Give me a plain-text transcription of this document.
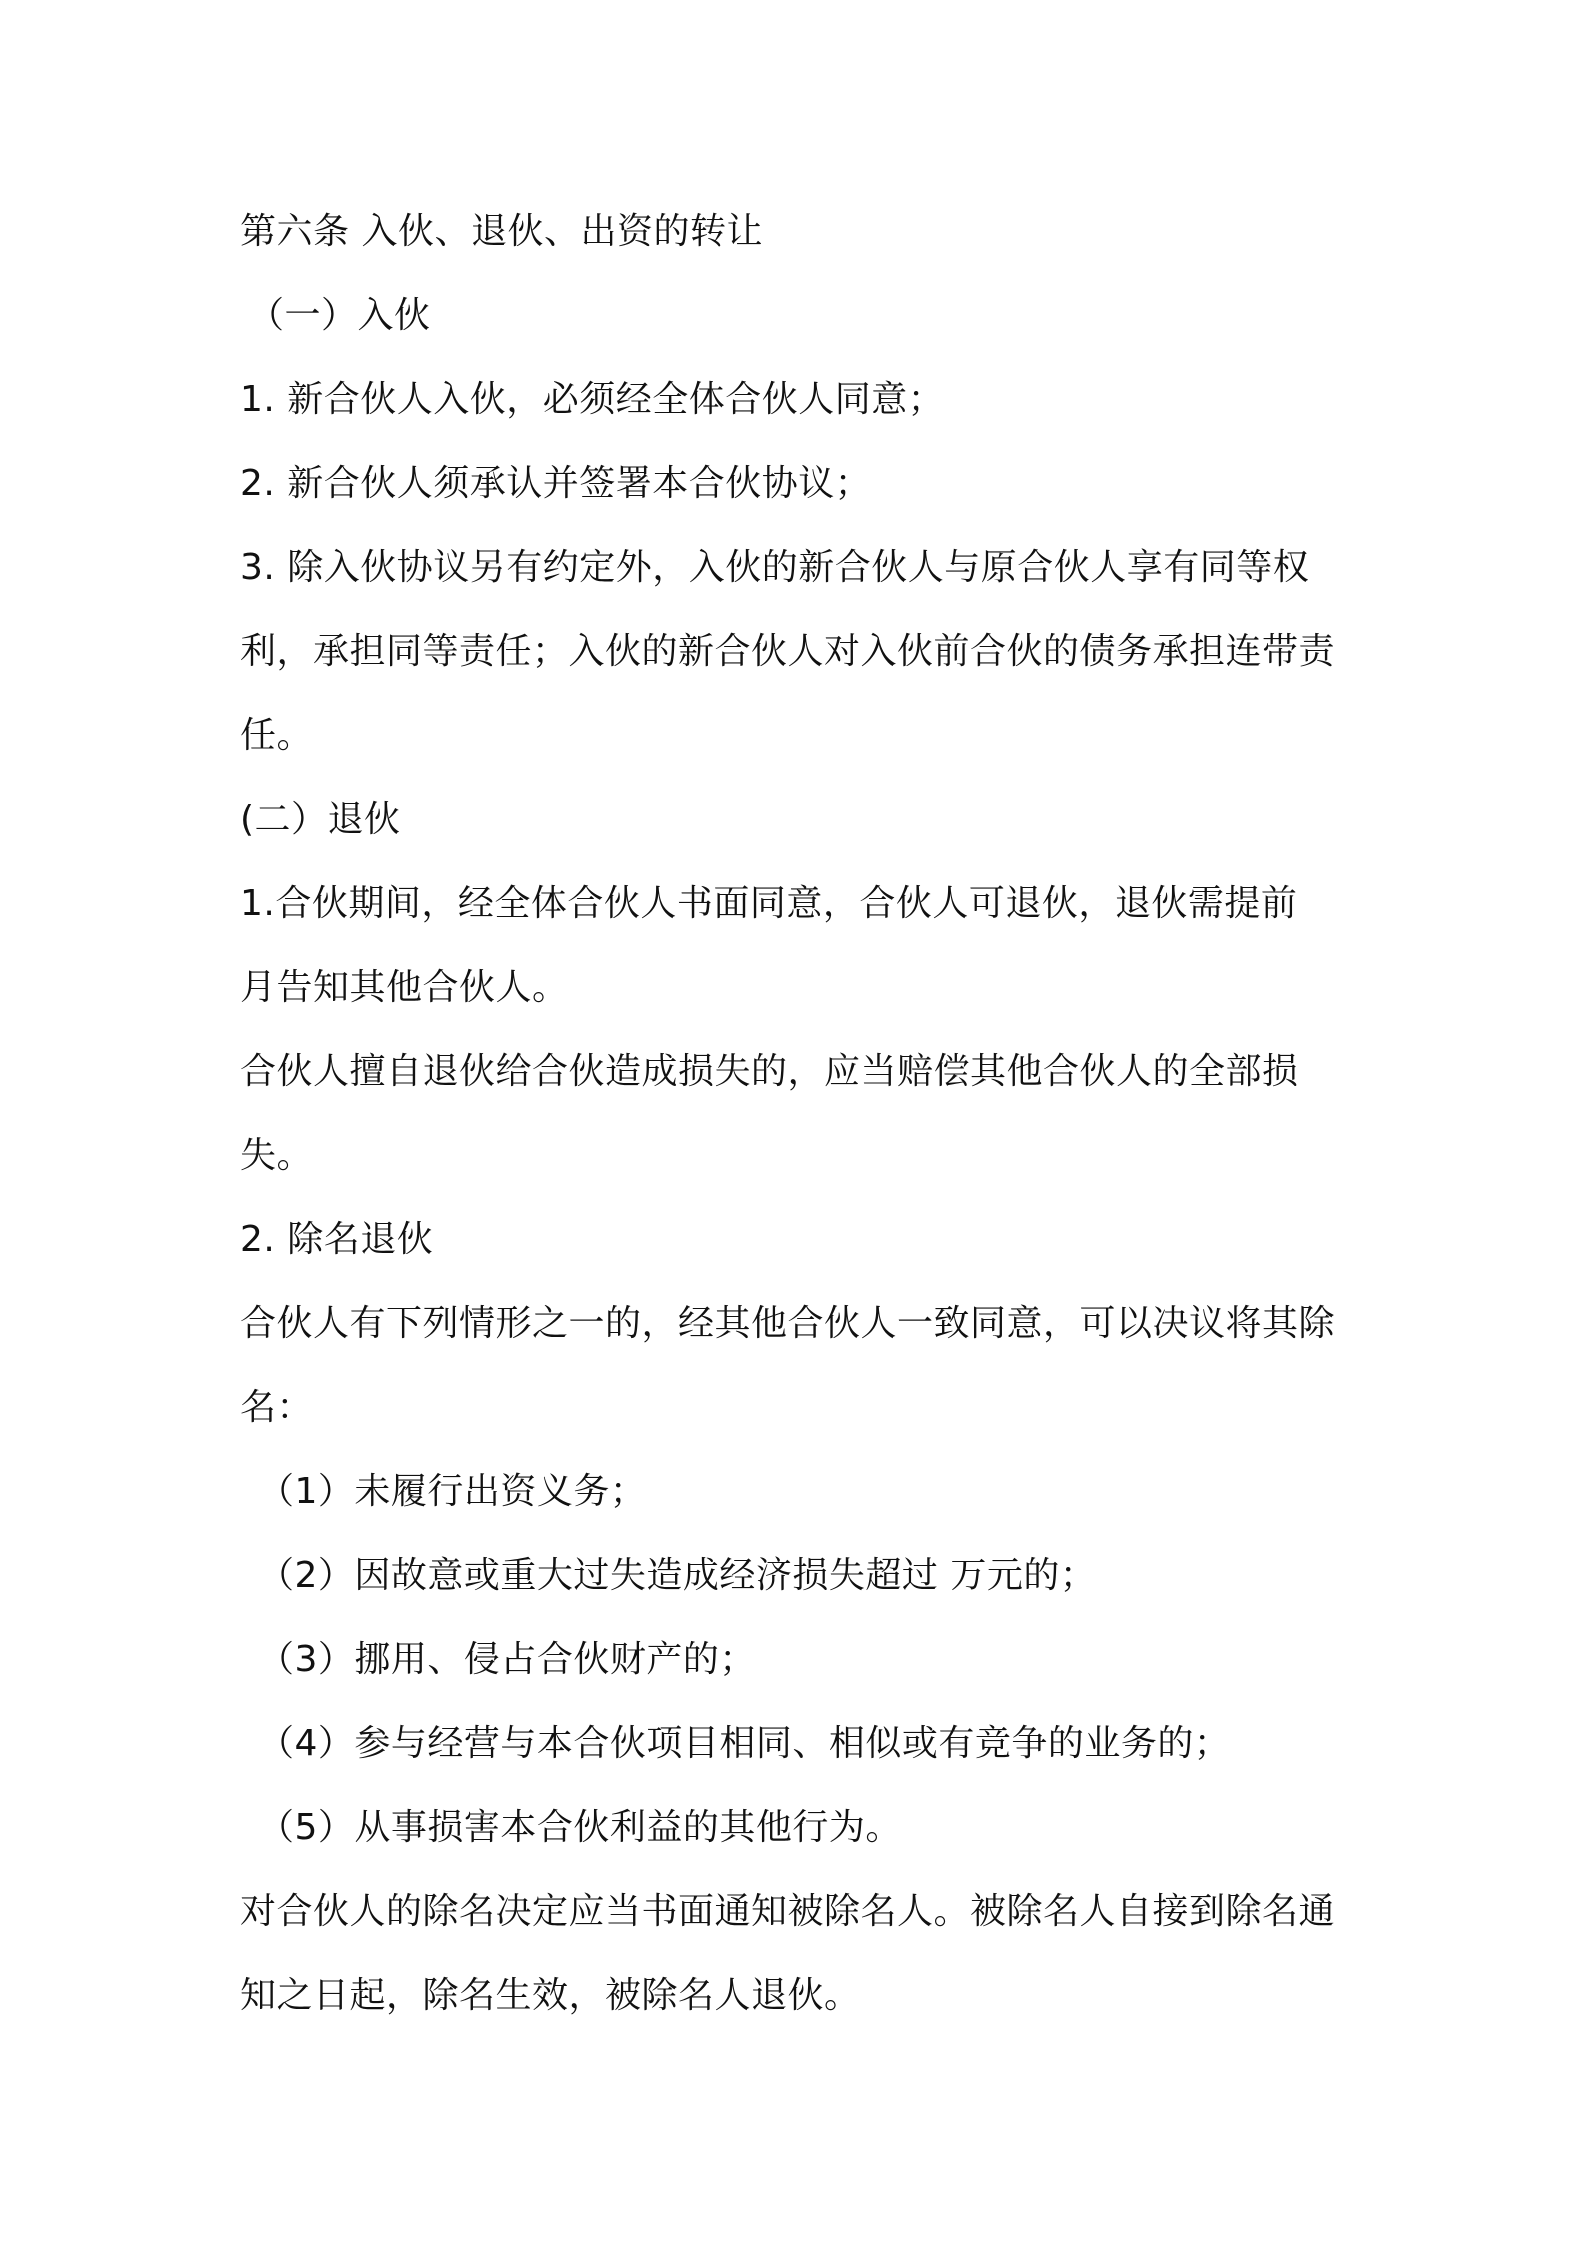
第六条 入伙、退伙、出资的转让
（一）入伙
1. 新合伙人入伙，必须经全体合伙人同意；
2. 新合伙人须承认并签署本合伙协议；
3. 除入伙协议另有约定外，入伙的新合伙人与原合伙人享有同等权
利，承担同等责任；入伙的新合伙人对入伙前合伙的债务承担连带责
任。
(二）退伙
1.合伙期间，经全体合伙人书面同意，合伙人可退伙，退伙需提前
月告知其他合伙人。
合伙人擅自退伙给合伙造成损失的，应当赔偿其他合伙人的全部损
失。
2. 除名退伙
合伙人有下列情形之一的，经其他合伙人一致同意，可以决议将其除
名：
（1）未履行出资义务；
（2）因故意或重大过失造成经济损失超过 万元的；
（3）挪用、侵占合伙财产的；
（4）参与经营与本合伙项目相同、相似或有竞争的业务的；
（5）从事损害本合伙利益的其他行为。
对合伙人的除名决定应当书面通知被除名人。被除名人自接到除名通
知之日起，除名生效，被除名人退伙。
